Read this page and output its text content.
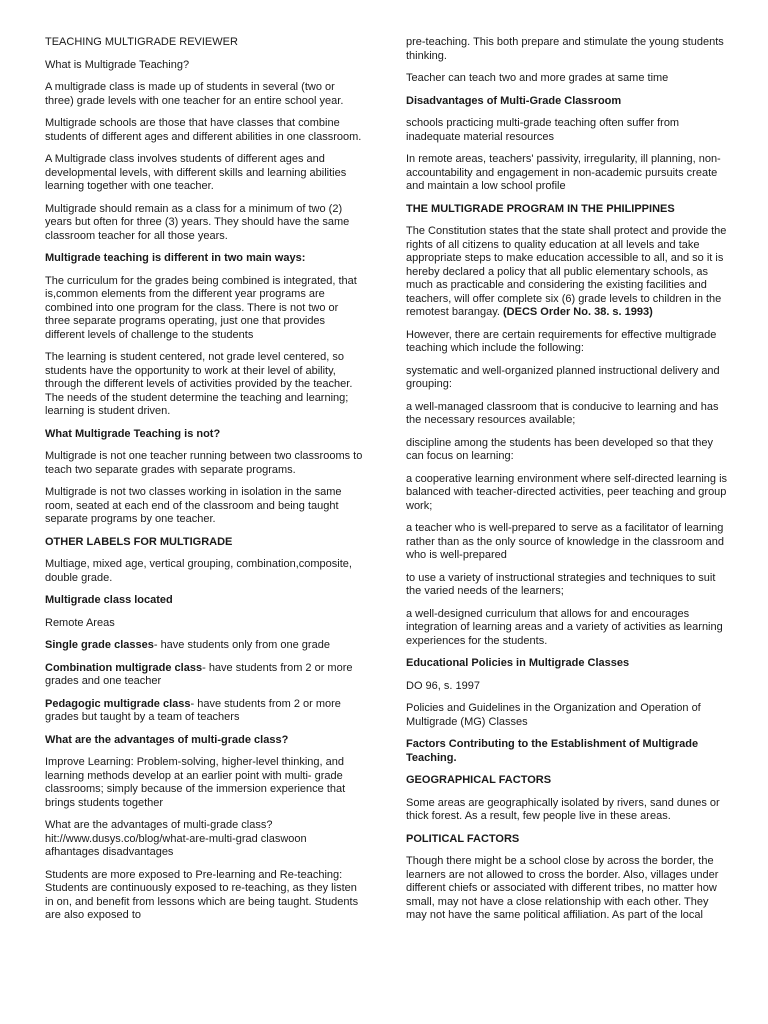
TEACHING MULTIGRADE REVIEWER

What is Multigrade Teaching?

A multigrade class is made up of students in several (two or three) grade levels with one teacher for an entire school year.

Multigrade schools are those that have classes that combine students of different ages and different abilities in one classroom.

A Multigrade class involves students of different ages and developmental levels, with different skills and learning abilities learning together with one teacher.

Multigrade should remain as a class for a minimum of two (2) years but often for three (3) years. They should have the same classroom teacher for all those years.

Multigrade teaching is different in two main ways:

The curriculum for the grades being combined is integrated, that is,common elements from the different year programs are combined into one program for the class. There is not two or three separate programs operating, just one that provides different levels of challenge to the students

The learning is student centered, not grade level centered, so students have the opportunity to work at their level of ability, through the different levels of activities provided by the teacher. The needs of the student determine the teaching and learning; learning is student driven.

What Multigrade Teaching is not?

Multigrade is not one teacher running between two classrooms to teach two separate grades with separate programs.

Multigrade is not two classes working in isolation in the same room, seated at each end of the classroom and being taught separate programs by one teacher.

OTHER LABELS FOR MULTIGRADE

Multiage, mixed age, vertical grouping, combination,composite, double grade.

Multigrade class located

Remote Areas

Single grade classes- have students only from one grade

Combination multigrade class- have students from 2 or more grades and one teacher

Pedagogic multigrade class- have students from 2 or more grades but taught by a team of teachers

What are the advantages of multi-grade class?

Improve Learning: Problem-solving, higher-level thinking, and learning methods develop at an earlier point with multi- grade classrooms; simply because of the immersion experience that brings students together

What are the advantages of multi-grade class? hit://www.dusys.co/blog/what-are-multi-grad claswoon afhantages disadvantages

Students are more exposed to Pre-learning and Re-teaching: Students are continuously exposed to re-teaching, as they listen in on, and benefit from lessons which are being taught. Students are also exposed to

pre-teaching. This both prepare and stimulate the young students thinking.

Teacher can teach two and more grades at same time

Disadvantages of Multi-Grade Classroom

schools practicing multi-grade teaching often suffer from inadequate material resources

In remote areas, teachers' passivity, irregularity, ill planning, non-accountability and engagement in non-academic pursuits create and maintain a low school profile

THE MULTIGRADE PROGRAM IN THE PHILIPPINES

The Constitution states that the state shall protect and provide the rights of all citizens to quality education at all levels and take appropriate steps to make education accessible to all, and so it is hereby declared a policy that all public elementary schools, as much as practicable and considering the existing facilities and teachers, will offer complete six (6) grade levels to children in the remotest barangay. (DECS Order No. 38. s. 1993)

However, there are certain requirements for effective multigrade teaching which include the following:

systematic and well-organized planned instructional delivery and grouping:

a well-managed classroom that is conducive to learning and has the necessary resources available;

discipline among the students has been developed so that they can focus on learning:

a cooperative learning environment where self-directed learning is balanced with teacher-directed activities, peer teaching and group work;

a teacher who is well-prepared to serve as a facilitator of learning rather than as the only source of knowledge in the classroom and who is well-prepared

to use a variety of instructional strategies and techniques to suit the varied needs of the learners;

a well-designed curriculum that allows for and encourages integration of learning areas and a variety of activities as learning experiences for the students.

Educational Policies in Multigrade Classes

DO 96, s. 1997

Policies and Guidelines in the Organization and Operation of Multigrade (MG) Classes

Factors Contributing to the Establishment of Multigrade Teaching.

GEOGRAPHICAL FACTORS

Some areas are geographically isolated by rivers, sand dunes or thick forest. As a result, few people live in these areas.

POLITICAL FACTORS

Though there might be a school close by across the border, the learners are not allowed to cross the border. Also, villages under different chiefs or associated with different tribes, no matter how small, may not have a close relationship with each other. They may not have the same political affiliation. As part of the local
